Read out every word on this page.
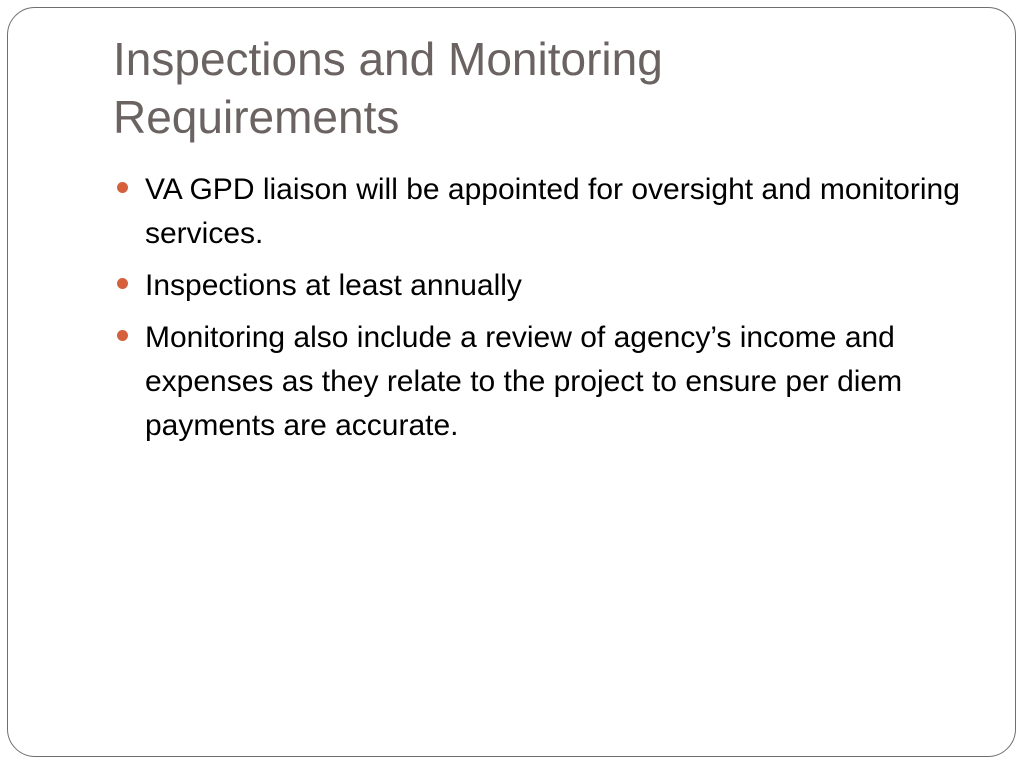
Inspections and Monitoring Requirements
VA GPD liaison will be appointed for oversight and monitoring services.
Inspections at least annually
Monitoring also include a review of agency’s income and expenses as they relate to the project to ensure per diem payments are accurate.
